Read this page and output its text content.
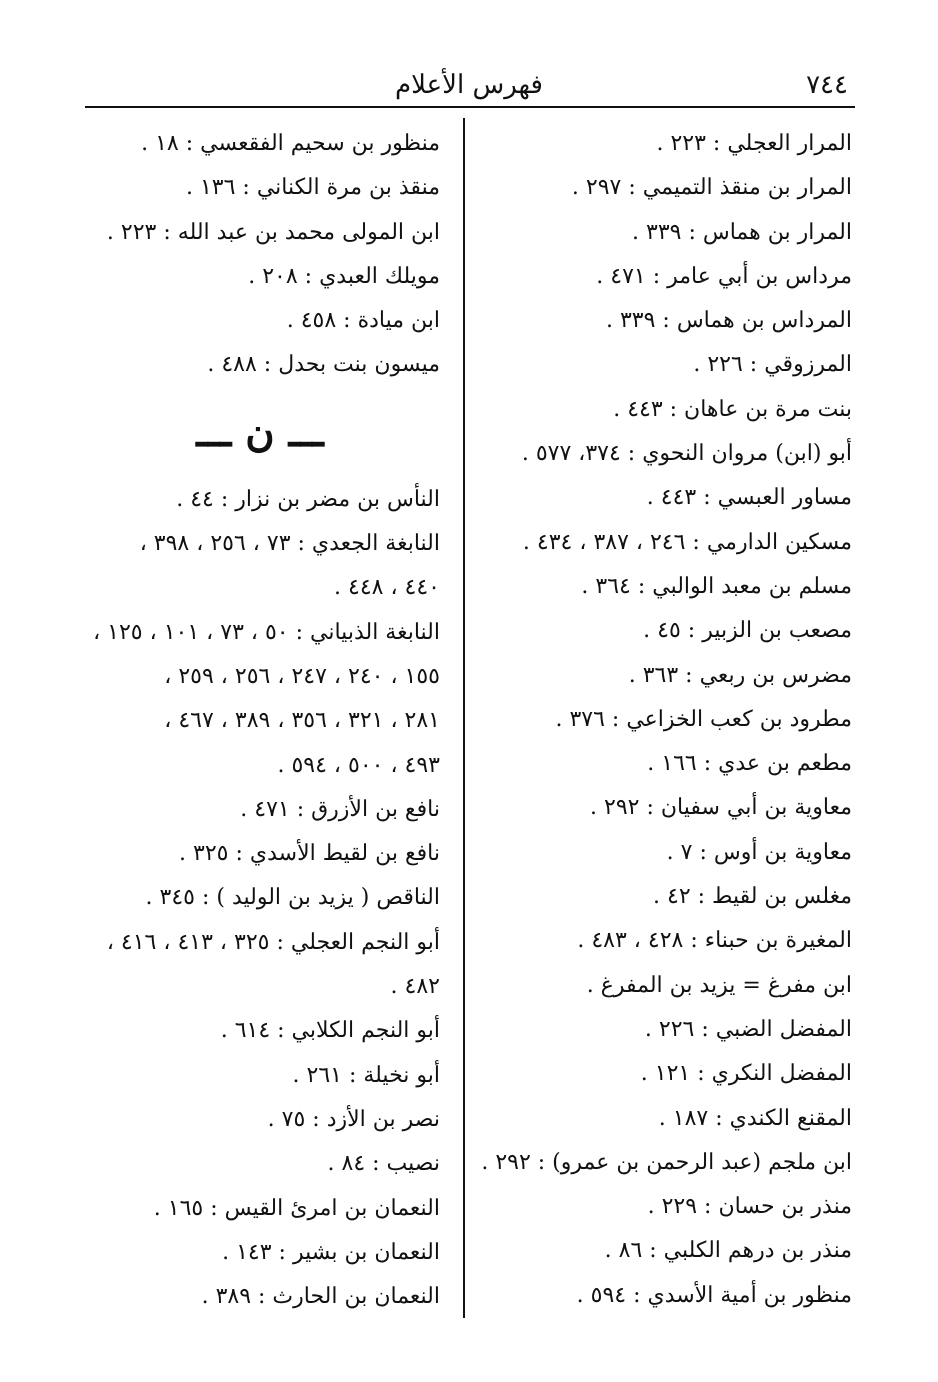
٧٤٤
فهرس الأعلام
المرار العجلي : ٢٢٣ .
المرار بن منقذ التميمي : ٢٩٧ .
المرار بن هماس : ٣٣٩ .
مرداس بن أبي عامر : ٤٧١ .
المرداس بن هماس : ٣٣٩ .
المرزوقي : ٢٢٦ .
بنت مرة بن عاهان : ٤٤٣ .
أبو (ابن) مروان النحوي : ٣٧٤، ٥٧٧ .
مساور العبسي : ٤٤٣ .
مسكين الدارمي : ٢٤٦ ، ٣٨٧ ، ٤٣٤ .
مسلم بن معبد الوالبي : ٣٦٤ .
مصعب بن الزبير : ٤٥ .
مضرس بن ربعي : ٣٦٣ .
مطرود بن كعب الخزاعي : ٣٧٦ .
مطعم بن عدي : ١٦٦ .
معاوية بن أبي سفيان : ٢٩٢ .
معاوية بن أوس : ٧ .
مغلس بن لقيط : ٤٢ .
المغيرة بن حبناء : ٤٢٨ ، ٤٨٣ .
ابن مفرغ = يزيد بن المفرغ .
المفضل الضبي : ٢٢٦ .
المفضل النكري : ١٢١ .
المقنع الكندي : ١٨٧ .
ابن ملجم (عبد الرحمن بن عمرو) : ٢٩٢ .
منذر بن حسان : ٢٢٩ .
منذر بن درهم الكلبي : ٨٦ .
منظور بن أمية الأسدي : ٥٩٤ .
منظور بن سحيم الفقعسي : ١٨ .
منقذ بن مرة الكناني : ١٣٦ .
ابن المولى محمد بن عبد الله : ٢٢٣ .
مويلك العبدي : ٢٠٨ .
ابن ميادة : ٤٥٨ .
ميسون بنت بحدل : ٤٨٨ .
ـــ ن ـــ
النأس بن مضر بن نزار : ٤٤ .
النابغة الجعدي : ٧٣ ، ٢٥٦ ، ٣٩٨ ،
٤٤٠ ، ٤٤٨ .
النابغة الذبياني : ٥٠ ، ٧٣ ، ١٠١ ، ١٢٥ ،
١٥٥ ، ٢٤٠ ، ٢٤٧ ، ٢٥٦ ، ٢٥٩ ،
٢٨١ ، ٣٢١ ، ٣٥٦ ، ٣٨٩ ، ٤٦٧ ،
٤٩٣ ، ٥٠٠ ، ٥٩٤ .
نافع بن الأزرق : ٤٧١ .
نافع بن لقيط الأسدي : ٣٢٥ .
الناقص ( يزيد بن الوليد ) : ٣٤٥ .
أبو النجم العجلي : ٣٢٥ ، ٤١٣ ، ٤١٦ ،
٤٨٢ .
أبو النجم الكلابي : ٦١٤ .
أبو نخيلة : ٢٦١ .
نصر بن الأزد : ٧٥ .
نصيب : ٨٤ .
النعمان بن امرئ القيس : ١٦٥ .
النعمان بن بشير : ١٤٣ .
النعمان بن الحارث : ٣٨٩ .
